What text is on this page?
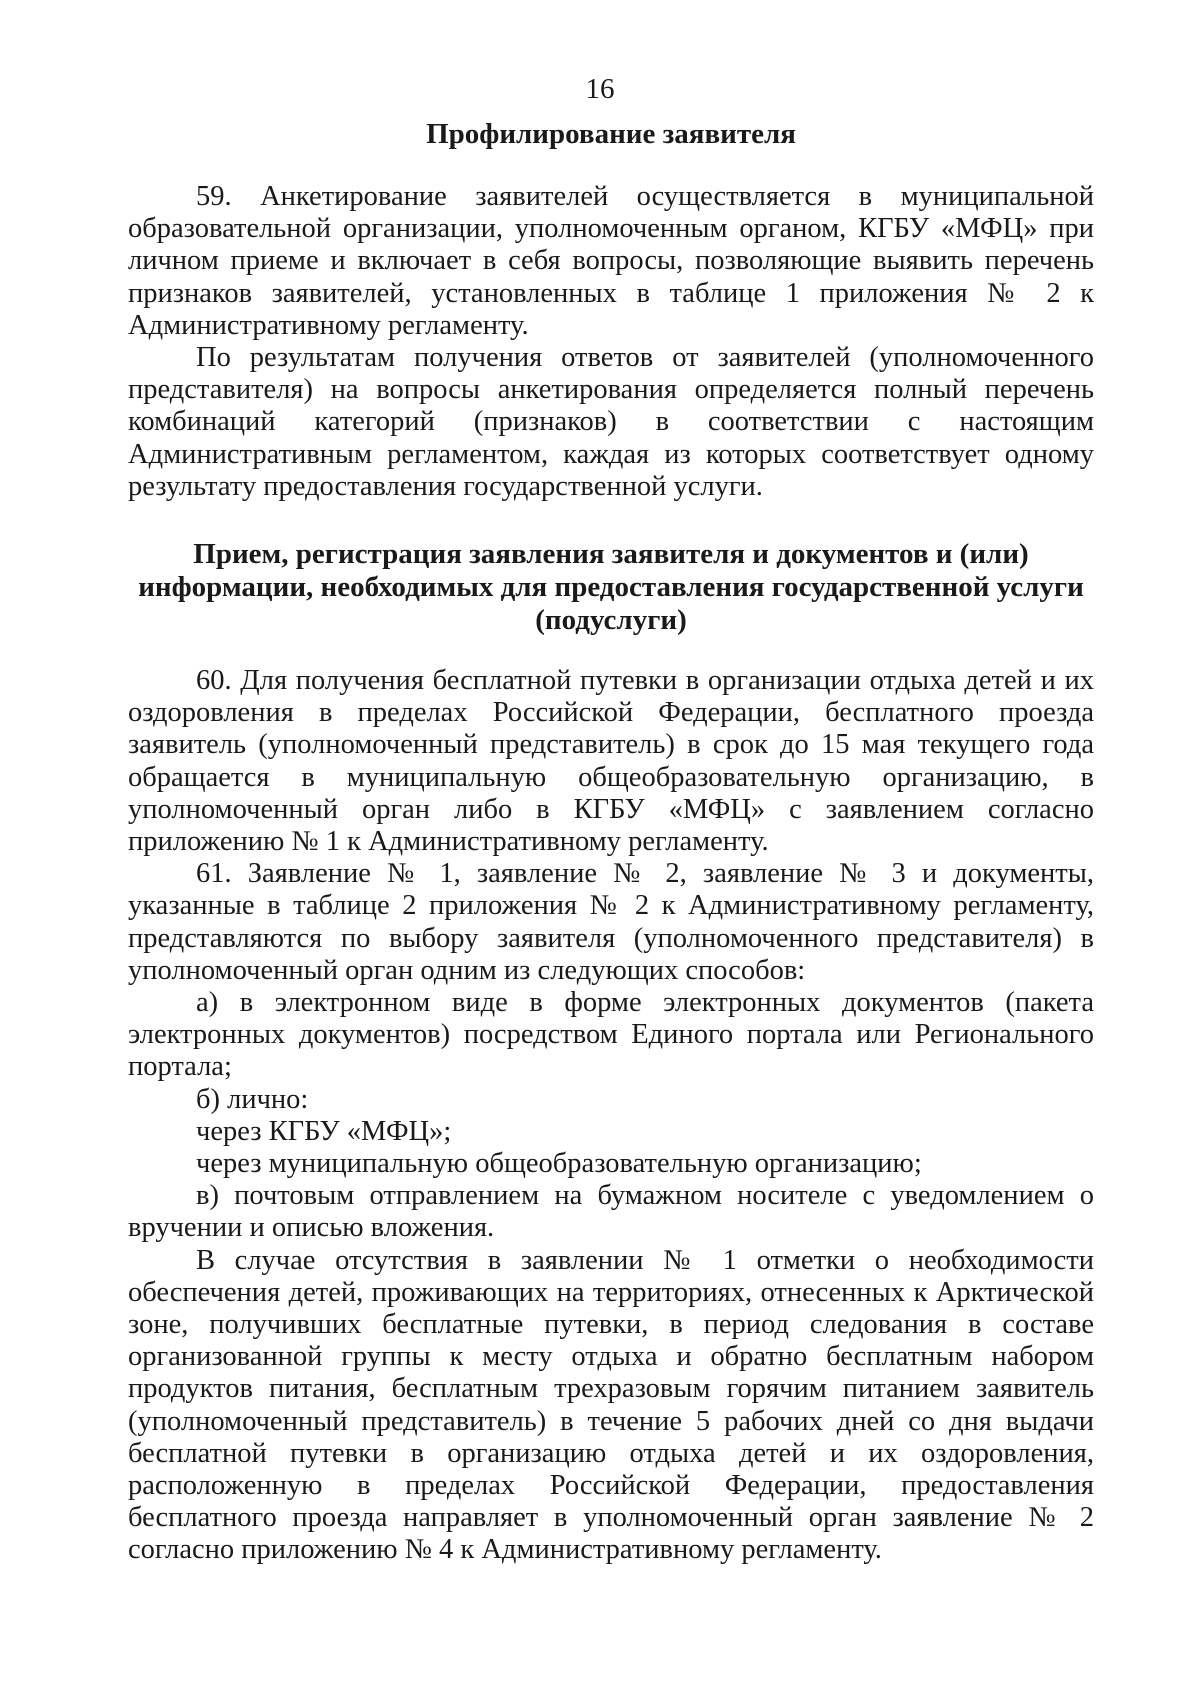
16
Профилирование заявителя

59. Анкетирование заявителей осуществляется в муниципальной образовательной организации, уполномоченным органом, КГБУ «МФЦ» при личном приеме и включает в себя вопросы, позволяющие выявить перечень признаков заявителей, установленных в таблице 1 приложения № 2 к Административному регламенту.

По результатам получения ответов от заявителей (уполномоченного представителя) на вопросы анкетирования определяется полный перечень комбинаций категорий (признаков) в соответствии с настоящим Административным регламентом, каждая из которых соответствует одному результату предоставления государственной услуги.

Прием, регистрация заявления заявителя и документов и (или)
информации, необходимых для предоставления государственной услуги
(подуслуги)

60. Для получения бесплатной путевки в организации отдыха детей и их оздоровления в пределах Российской Федерации, бесплатного проезда заявитель (уполномоченный представитель) в срок до 15 мая текущего года обращается в муниципальную общеобразовательную организацию, в уполномоченный орган либо в КГБУ «МФЦ» с заявлением согласно приложению № 1 к Административному регламенту.

61. Заявление № 1, заявление № 2, заявление № 3 и документы, указанные в таблице 2 приложения № 2 к Административному регламенту, представляются по выбору заявителя (уполномоченного представителя) в уполномоченный орган одним из следующих способов:

а) в электронном виде в форме электронных документов (пакета электронных документов) посредством Единого портала или Регионального портала;

б) лично:

через КГБУ «МФЦ»;

через муниципальную общеобразовательную организацию;

в) почтовым отправлением на бумажном носителе с уведомлением о вручении и описью вложения.

В случае отсутствия в заявлении № 1 отметки о необходимости обеспечения детей, проживающих на территориях, отнесенных к Арктической зоне, получивших бесплатные путевки, в период следования в составе организованной группы к месту отдыха и обратно бесплатным набором продуктов питания, бесплатным трехразовым горячим питанием заявитель (уполномоченный представитель) в течение 5 рабочих дней со дня выдачи бесплатной путевки в организацию отдыха детей и их оздоровления, расположенную в пределах Российской Федерации, предоставления бесплатного проезда направляет в уполномоченный орган заявление № 2 согласно приложению № 4 к Административному регламенту.
